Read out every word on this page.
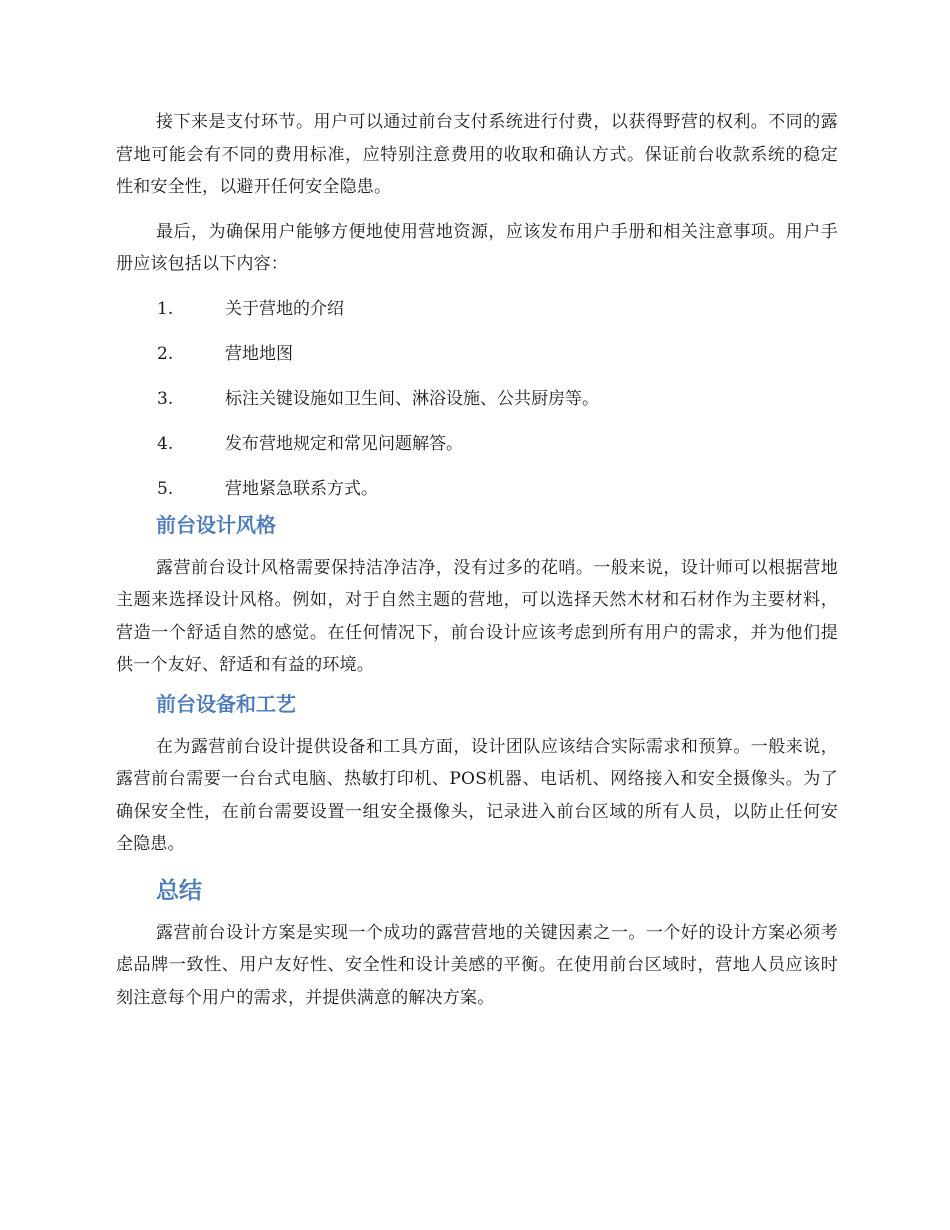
接下来是支付环节。用户可以通过前台支付系统进行付费，以获得野营的权利。不同的露营地可能会有不同的费用标准，应特别注意费用的收取和确认方式。保证前台收款系统的稳定性和安全性，以避开任何安全隐患。

最后，为确保用户能够方便地使用营地资源，应该发布用户手册和相关注意事项。用户手册应该包括以下内容：

1.	关于营地的介绍
2.	营地地图
3.	标注关键设施如卫生间、淋浴设施、公共厨房等。
4.	发布营地规定和常见问题解答。
5.	营地紧急联系方式。
前台设计风格

露营前台设计风格需要保持洁净洁净，没有过多的花哨。一般来说，设计师可以根据营地主题来选择设计风格。例如，对于自然主题的营地，可以选择天然木材和石材作为主要材料，营造一个舒适自然的感觉。在任何情况下，前台设计应该考虑到所有用户的需求，并为他们提供一个友好、舒适和有益的环境。

前台设备和工艺

在为露营前台设计提供设备和工具方面，设计团队应该结合实际需求和预算。一般来说，露营前台需要一台台式电脑、热敏打印机、POS机器、电话机、网络接入和安全摄像头。为了确保安全性，在前台需要设置一组安全摄像头，记录进入前台区域的所有人员，以防止任何安全隐患。

总结

露营前台设计方案是实现一个成功的露营营地的关键因素之一。一个好的设计方案必须考虑品牌一致性、用户友好性、安全性和设计美感的平衡。在使用前台区域时，营地人员应该时刻注意每个用户的需求，并提供满意的解决方案。
